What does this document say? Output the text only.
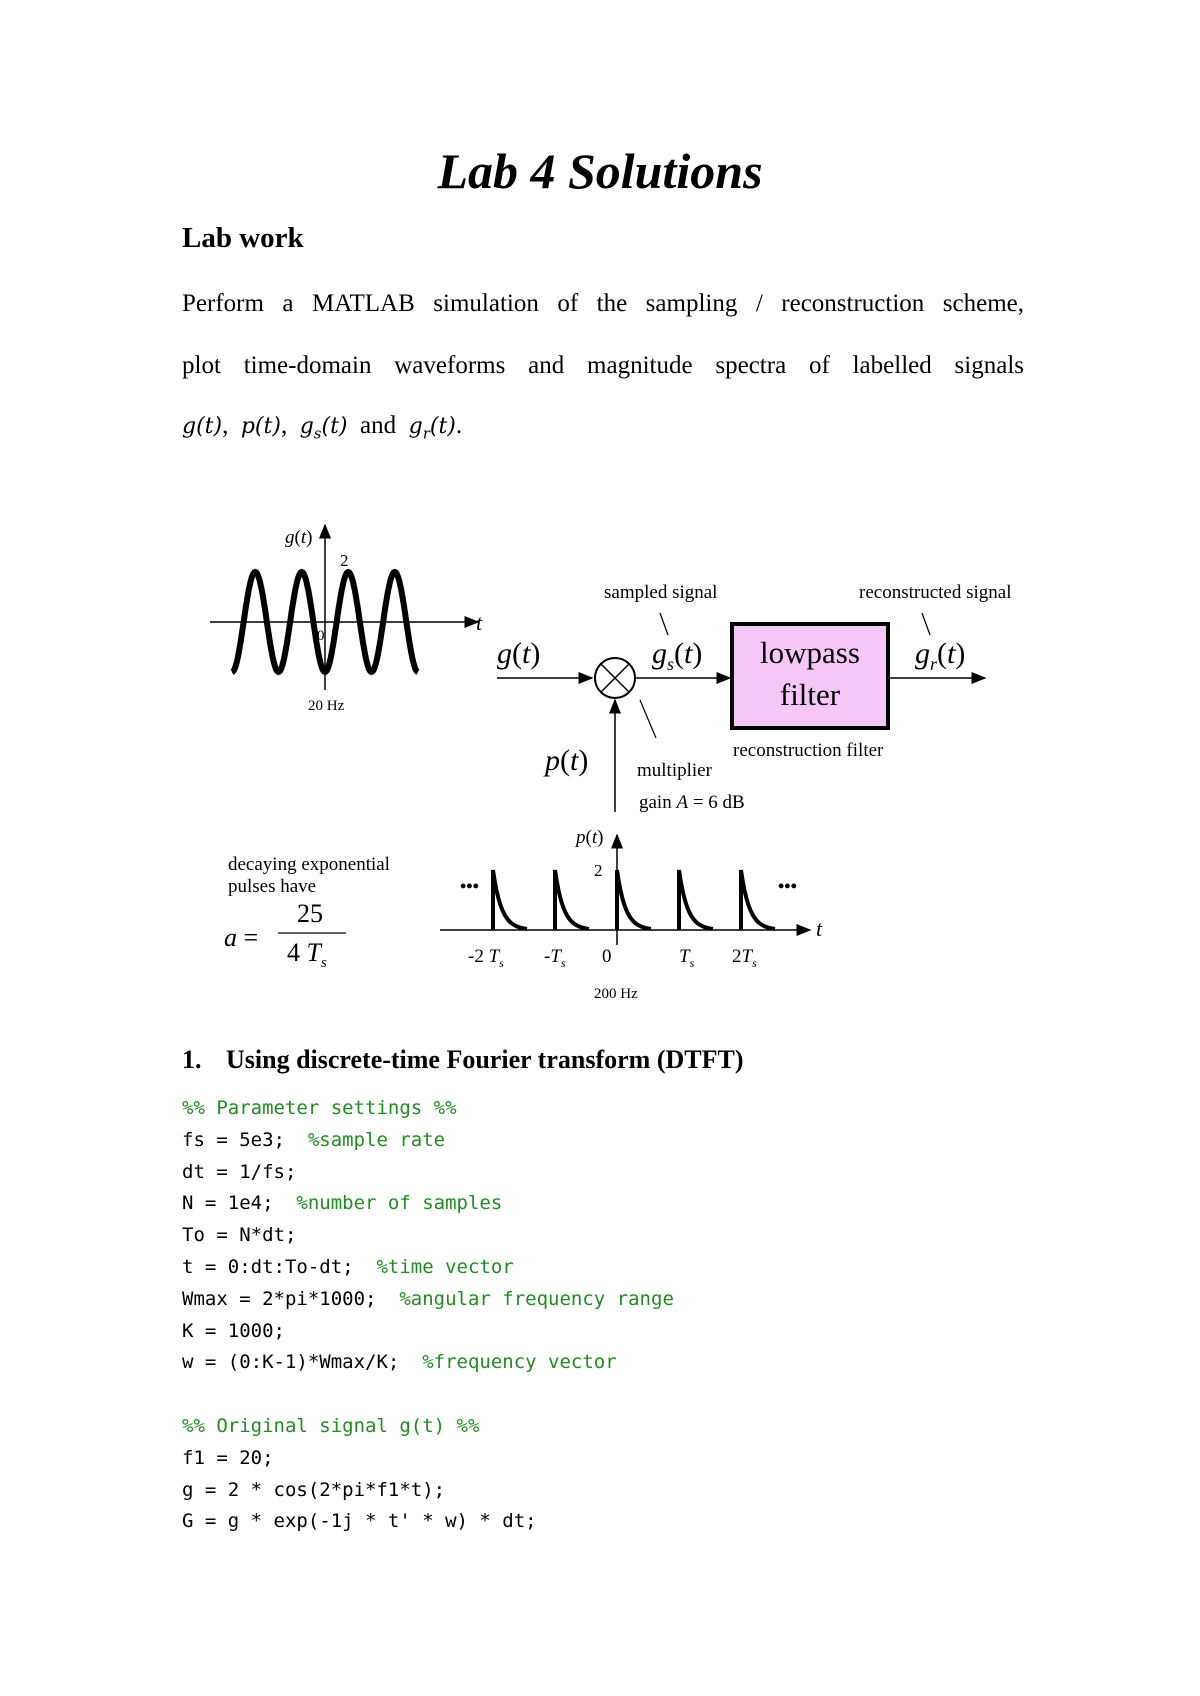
Lab 4 Solutions
Lab work
Perform a MATLAB simulation of the sampling / reconstruction scheme,
plot time-domain waveforms and magnitude spectra of labelled signals
g(t), p(t), $g_s(t)$ and $g_r(t)$.
g(t)
2
0
t
20 Hz
g(t)
sampled signal
$g_s(t)$ lowpass
filter
reconstruction filter
reconstructed signal
$g_r(t)$
p(t)	multiplier
gain A = 6 dB
decaying exponential
pulses have
a =
25
4 $T_s$
p(t)
2
•••	•••
t
-2 $T_s$ $-T_s$ 0	$T_s$ $2T_s$
200 Hz
1. Using discrete-time Fourier transform (DTFT)
%% Parameter settings %%
fs = 5e3;  %sample rate
dt = 1/fs;
N = 1e4;  %number of samples
To = N*dt;
t = 0:dt:To-dt;  %time vector
Wmax = 2*pi*1000;  %angular frequency range
K = 1000;
w = (0:K-1)*Wmax/K;  %frequency vector
%% Original signal g(t) %%
f1 = 20;
g = 2 * cos(2*pi*f1*t);
G = g * exp(-1j * t' * w) * dt;
